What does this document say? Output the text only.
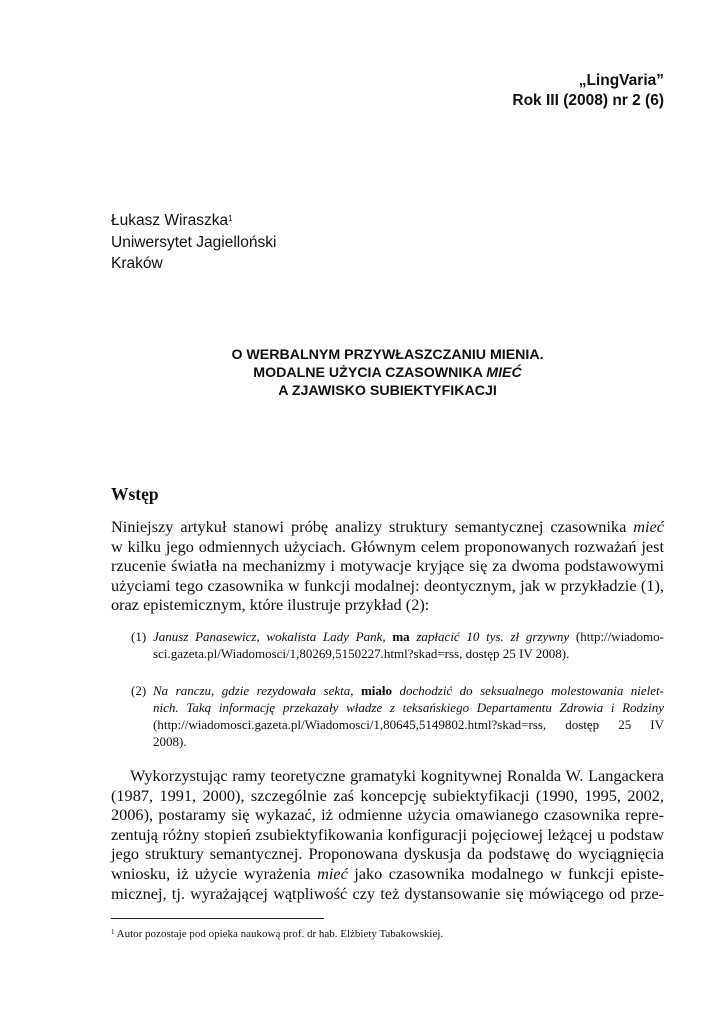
„LingVaria”
Rok III (2008) nr 2 (6)
Łukasz Wiraszka$^1$
Uniwersytet Jagielloński
Kraków
O WERBALNYM PRZYWŁASZCZANIU MIENIA.
MODALNE UŻYCIA CZASOWNIKA MIEĆ
A ZJAWISKO SUBIEKTYFIKACJI
Wstęp
Niniejszy artykuł stanowi próbę analizy struktury semantycznej czasownika mieć
w kilku jego odmiennych użyciach. Głównym celem proponowanych rozważań jest
rzucenie światła na mechanizmy i motywacje kryjące się za dwoma podstawowymi
użyciami tego czasownika w funkcji modalnej: deontycznym, jak w przykładzie (1),
oraz epistemicznym, które ilustruje przykład (2):
(1) Janusz Panasewicz, wokalista Lady Pank, ma zapłacić 10 tys. zł grzywny (http://wiadomo-
sci.gazeta.pl/Wiadomosci/1,80269,5150227.html?skad=rss, dostęp 25 IV 2008).
(2) Na ranczu, gdzie rezydowała sekta, miało dochodzić do seksualnego molestowania nielet-
nich. Taką informację przekazały władze z teksańskiego Departamentu Zdrowia i Rodziny
(http://wiadomosci.gazeta.pl/Wiadomosci/1,80645,5149802.html?skad=rss, dostęp 25 IV
2008).
Wykorzystując ramy teoretyczne gramatyki kognitywnej Ronalda W. Langackera
(1987, 1991, 2000), szczególnie zaś koncepcję subiektyfikacji (1990, 1995, 2002,
2006), postaramy się wykazać, iż odmienne użycia omawianego czasownika repre-
zentują różny stopień zsubiektyfikowania konfiguracji pojęciowej leżącej u podstaw
jego struktury semantycznej. Proponowana dyskusja da podstawę do wyciągnięcia
wniosku, iż użycie wyrażenia mieć jako czasownika modalnego w funkcji episte-
micznej, tj. wyrażającej wątpliwość czy też dystansowanie się mówiącego od prze-
$^1$ Autor pozostaje pod opieka naukową prof. dr hab. Elżbiety Tabakowskiej.
